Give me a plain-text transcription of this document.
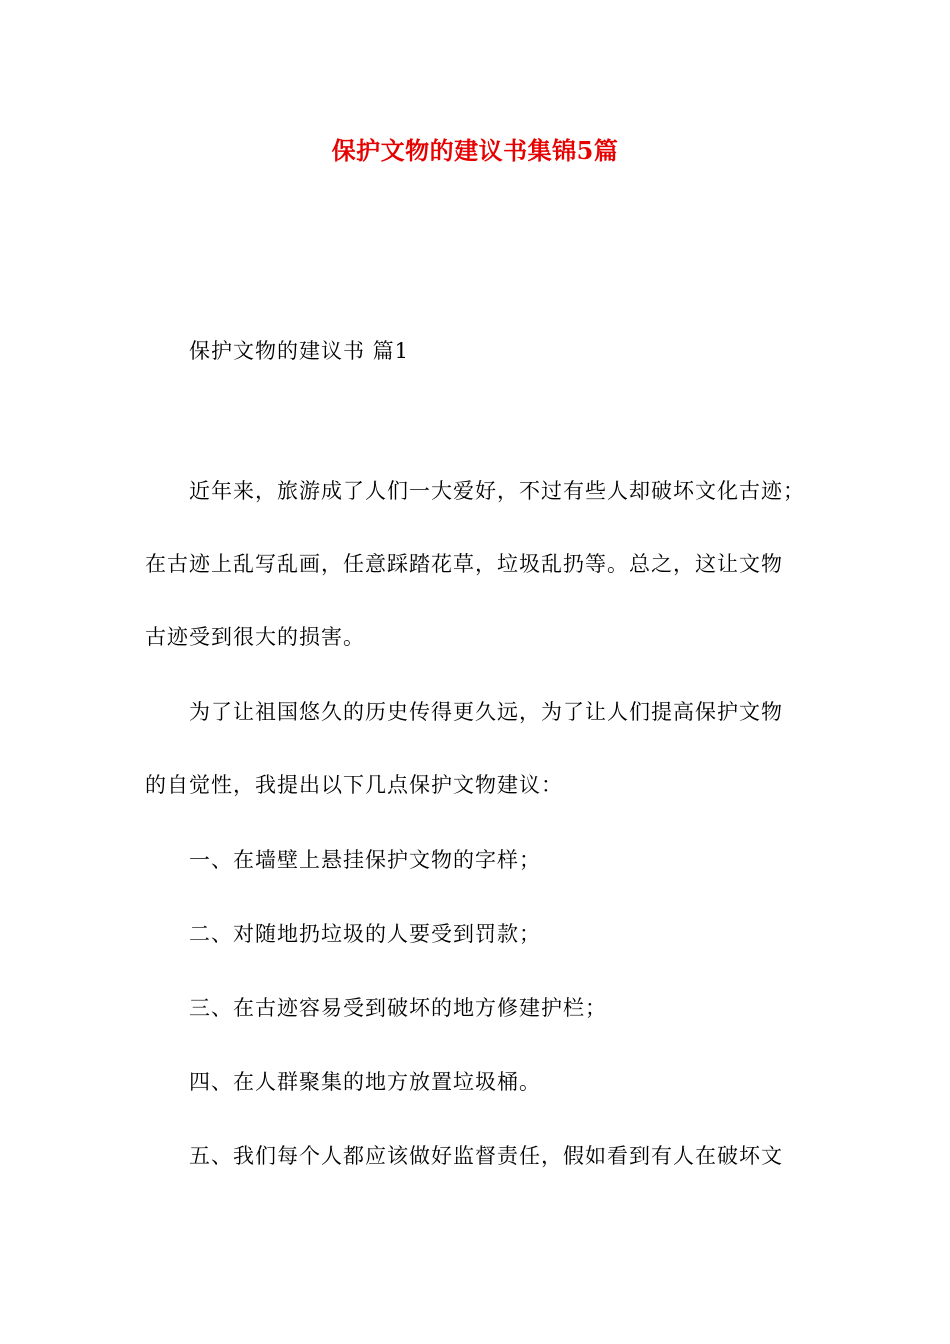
保护文物的建议书集锦5篇
保护文物的建议书 篇1
近年来，旅游成了人们一大爱好，不过有些人却破坏文化古迹；
在古迹上乱写乱画，任意踩踏花草，垃圾乱扔等。总之，这让文物
古迹受到很大的损害。
为了让祖国悠久的历史传得更久远，为了让人们提高保护文物
的自觉性，我提出以下几点保护文物建议：
一、在墙壁上悬挂保护文物的字样；
二、对随地扔垃圾的人要受到罚款；
三、在古迹容易受到破坏的地方修建护栏；
四、在人群聚集的地方放置垃圾桶。
五、我们每个人都应该做好监督责任，假如看到有人在破坏文
